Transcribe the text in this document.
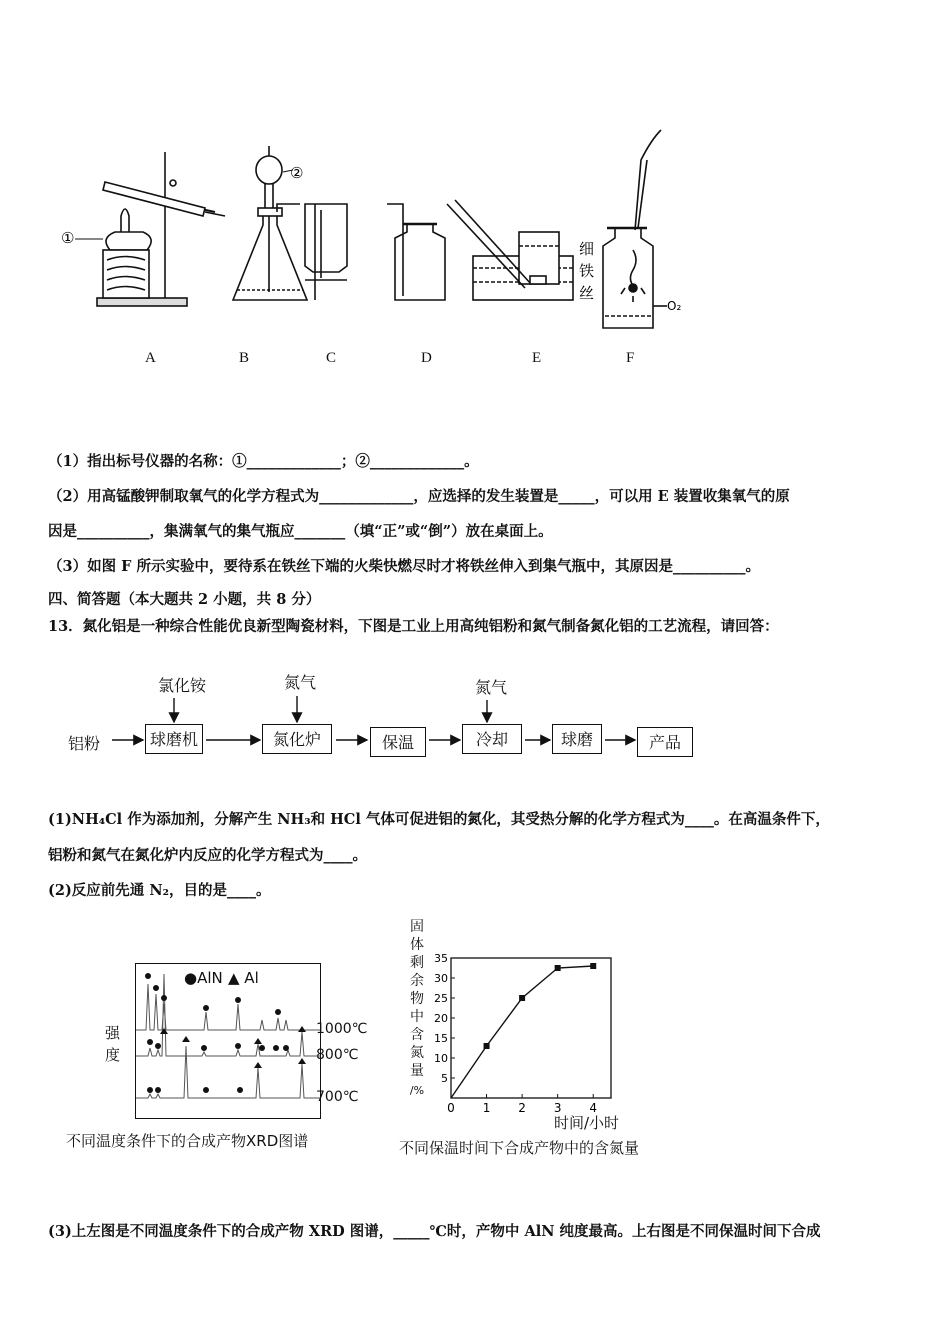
①
②
细
铁
丝
O₂
A	B	C	D	E	F
（1）指出标号仪器的名称：①_____________；②_____________。
（2）用高锰酸钾制取氧气的化学方程式为_____________，应选择的发生装置是_____，可以用 E 装置收集氧气的原
因是__________，集满氧气的集气瓶应_______（填“正”或“倒”）放在桌面上。
（3）如图 F 所示实验中，要待系在铁丝下端的火柴快燃尽时才将铁丝伸入到集气瓶中，其原因是__________。
四、简答题（本大题共 2 小题，共 8 分）
13．氮化铝是一种综合性能优良新型陶瓷材料，下图是工业上用高纯铝粉和氮气制备氮化铝的工艺流程，请回答：
铝粉
氯化铵	氮气	氮气
球磨机	氮化炉	保温	冷却	球磨	产品
(1)NH₄Cl 作为添加剂，分解产生 NH₃和 HCl 气体可促进铝的氮化，其受热分解的化学方程式为____。在高温条件下，
铝粉和氮气在氮化炉内反应的化学方程式为____。
(2)反应前先通 N₂，目的是____。
强
度
●AlN ▲ Al
1000℃
800℃
700℃
不同温度条件下的合成产物XRD图谱
固
体
剩
余
物
中
含
氮
量
/%
5
10
15
20
25
30
35
0 1 2 3 4
时间/小时
不同保温时间下合成产物中的含氮量
(3)上左图是不同温度条件下的合成产物 XRD 图谱，_____℃时，产物中 AlN 纯度最高。上右图是不同保温时间下合成
